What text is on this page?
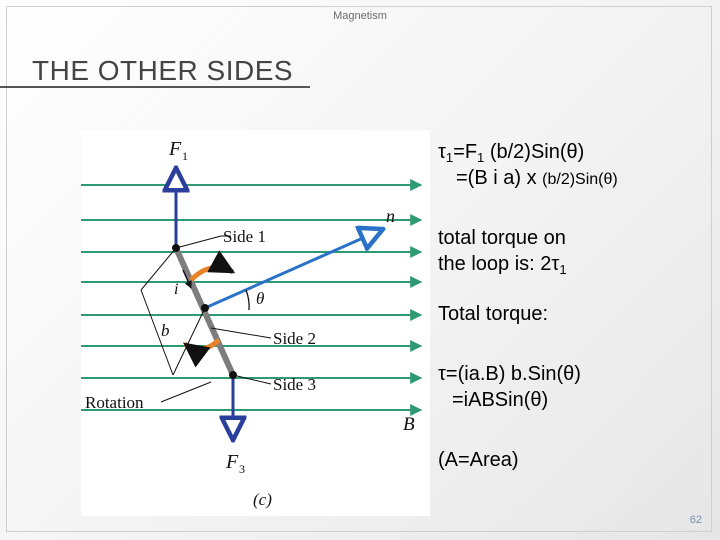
Magnetism
THE OTHER SIDES
F 1
n
Side 1
θ
i
b	Side 2
Side 3
Rotation
B
F 3
(c)
$\tau_1=F_1$ (b/2)Sin(θ)
=(B i a) x (b/2)Sin(θ)
total torque on
the loop is: $2\tau_1$
Total torque:
τ=(ia.B) b.Sin(θ)
=iABSin(θ)
(A=Area)
62
